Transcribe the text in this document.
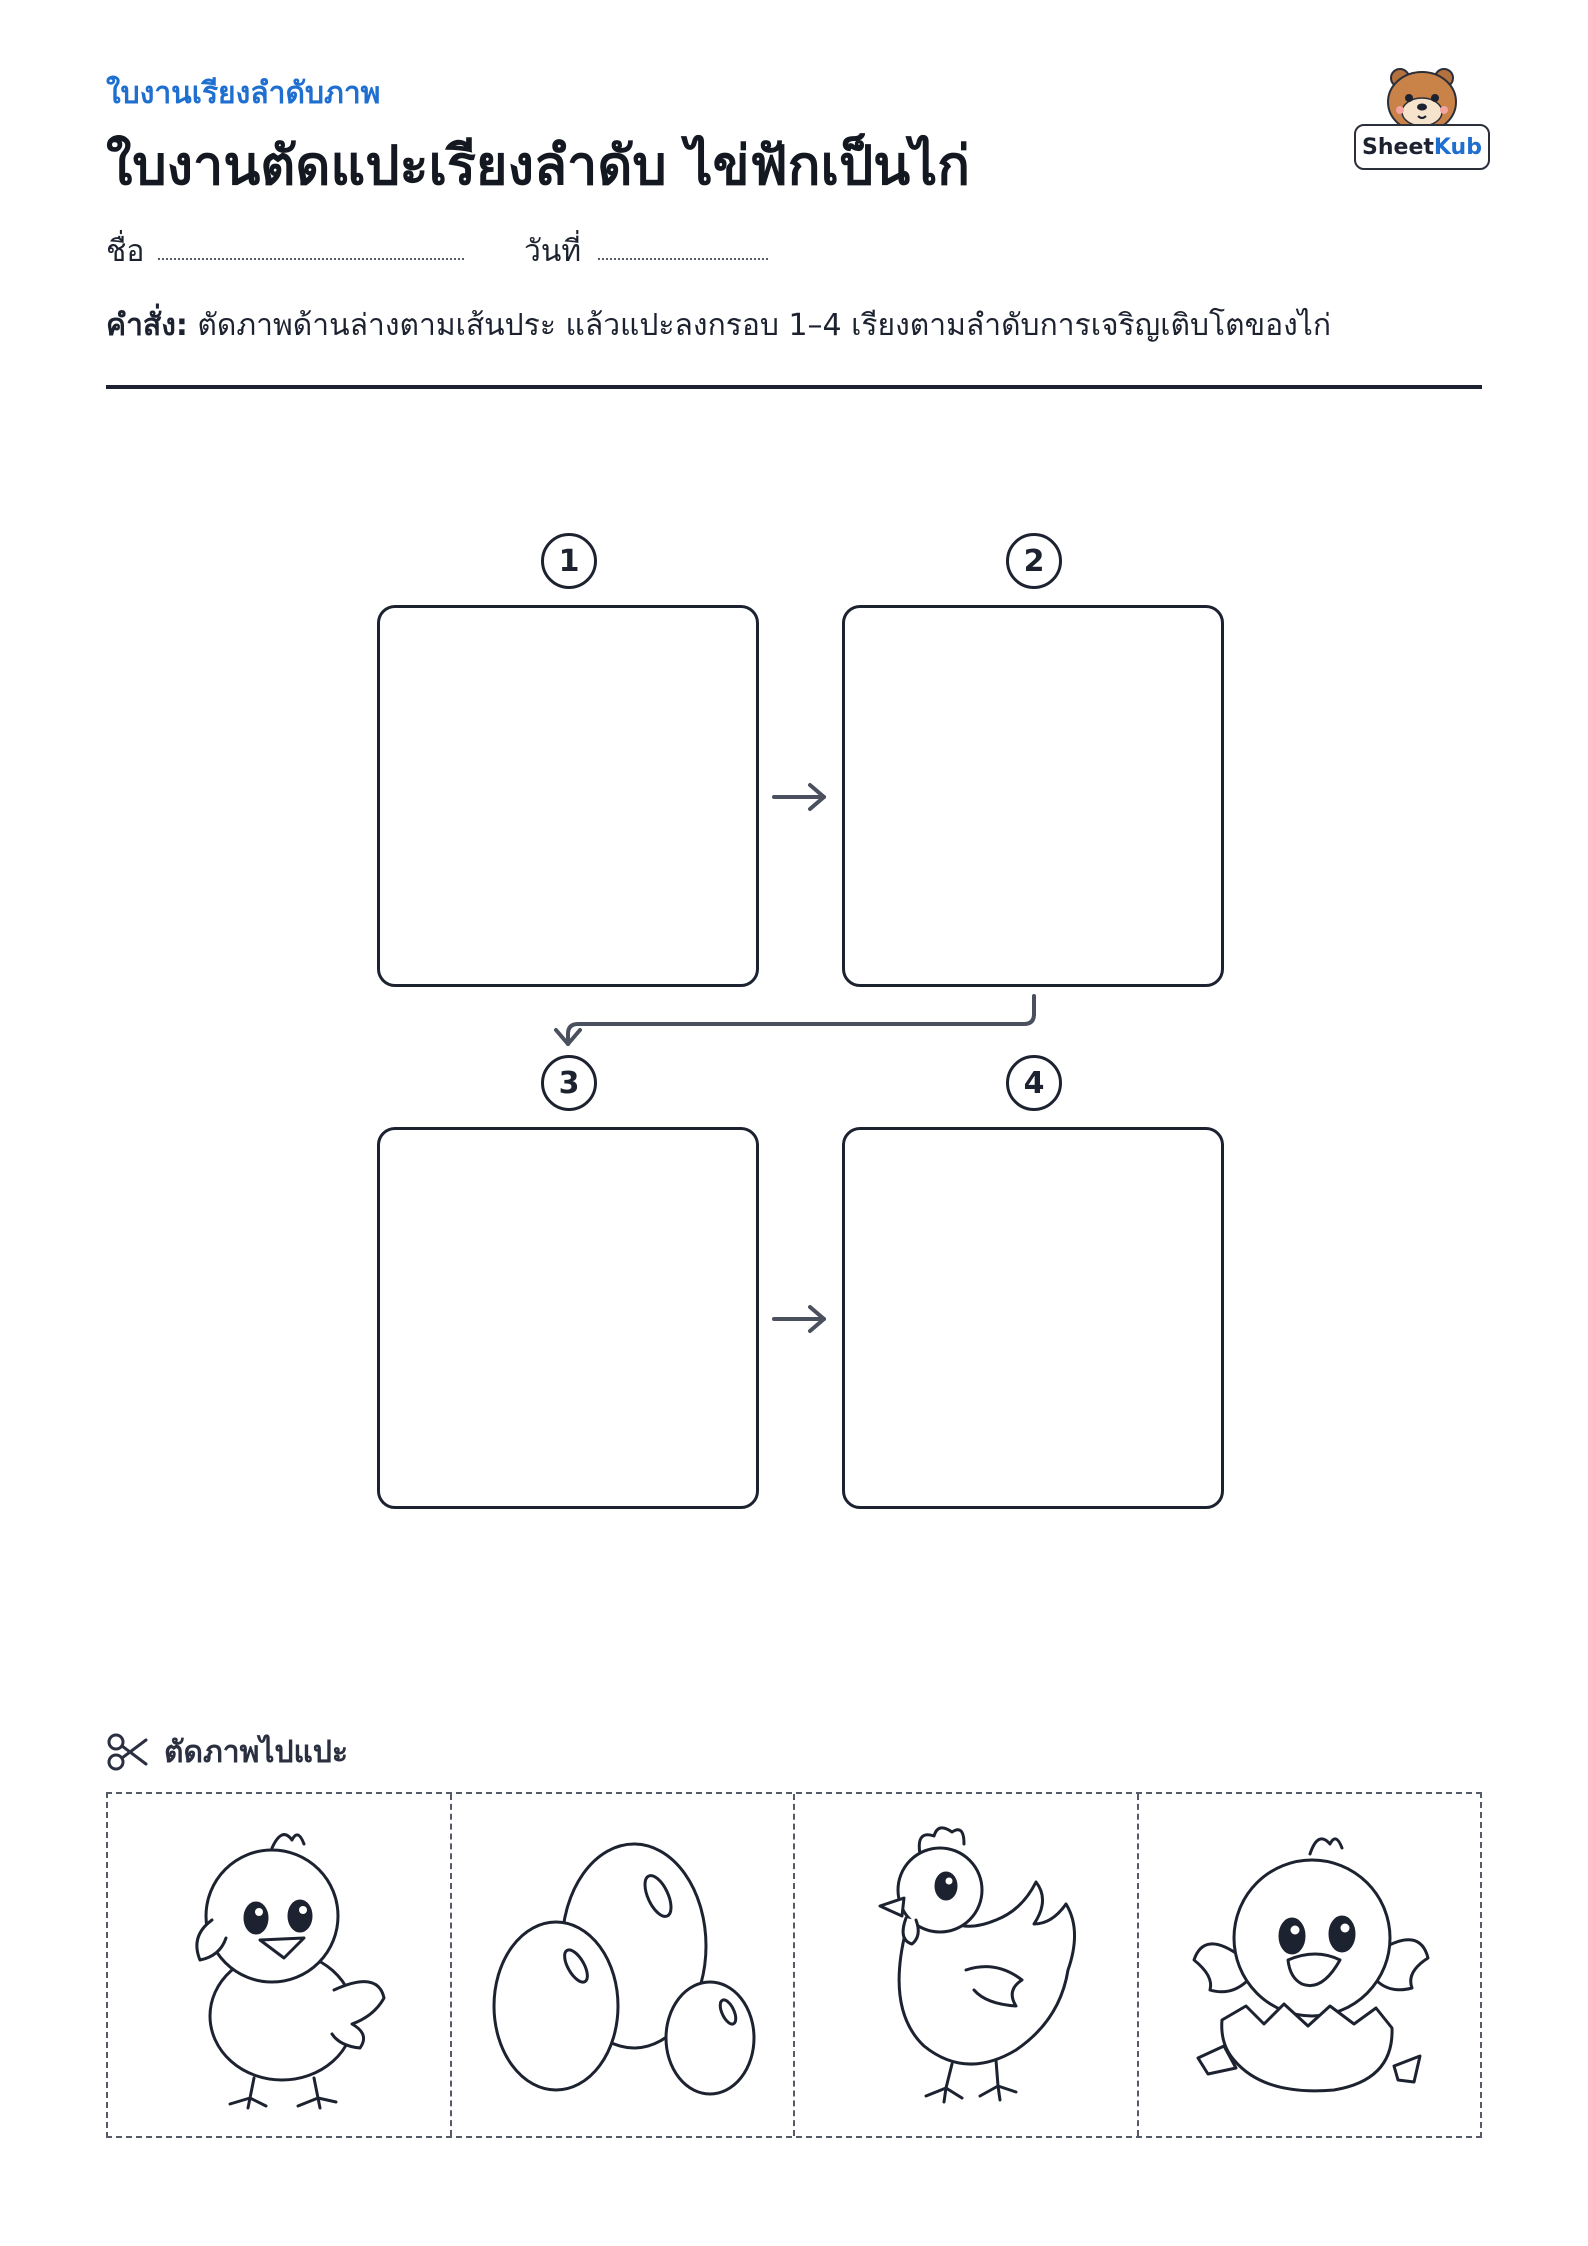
ใบงานเรียงลำดับภาพ
ใบงานตัดแปะเรียงลำดับ ไข่ฟักเป็นไก่	Sheet Kub
ชื่อ	วันที่
คำสั่ง: ตัดภาพด้านล่างตามเส้นประ แล้วแปะลงกรอบ 1–4 เรียงตามลำดับการเจริญเติบโตของไก่
1	2
3	4
ตัดภาพไปแปะ
